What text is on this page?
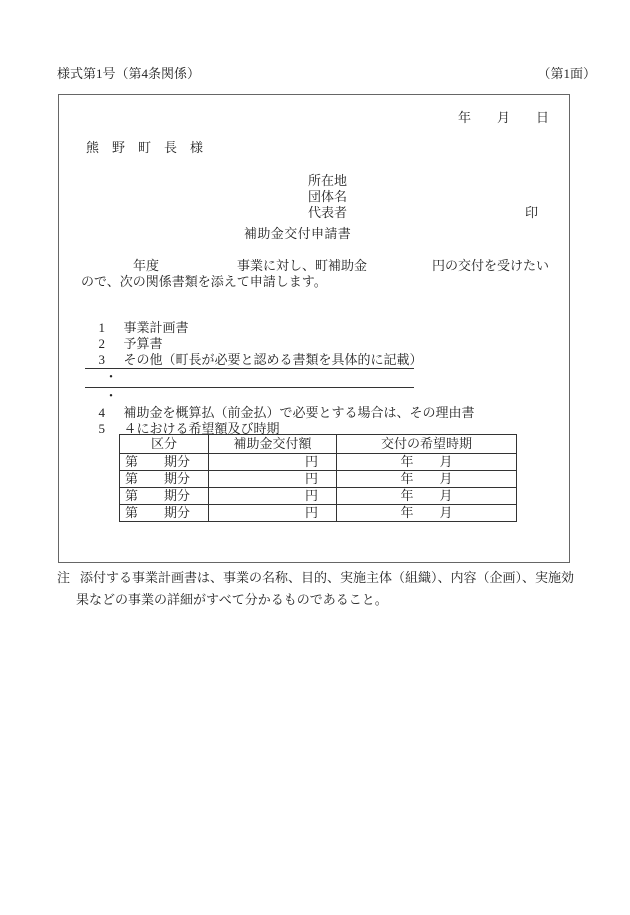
様式第1号（第4条関係）	（第1面）
年　　月　　日
熊　野　町　長　様
所在地
団体名
代表者	印
補助金交付申請書
　　　　年度　　　　　　事業に対し、町補助金　　　　　円の交付を受けたい
ので、次の関係書類を添えて申請します。

1 事業計画書

2 予算書

3 その他（町長が必要と認める書類を具体的に記載）

・

・

4 補助金を概算払（前金払）で必要とする場合は、その理由書

5 ４における希望額及び時期

区分	補助金交付額	交付の希望時期
第　　期分	円	年　　月
第　　期分	円	年　　月
第　　期分	円	年　　月
第　　期分	円	年　　月
注 添付する事業計画書は、事業の名称、目的、実施主体（組織）、内容（企画）、実施効
果などの事業の詳細がすべて分かるものであること。
